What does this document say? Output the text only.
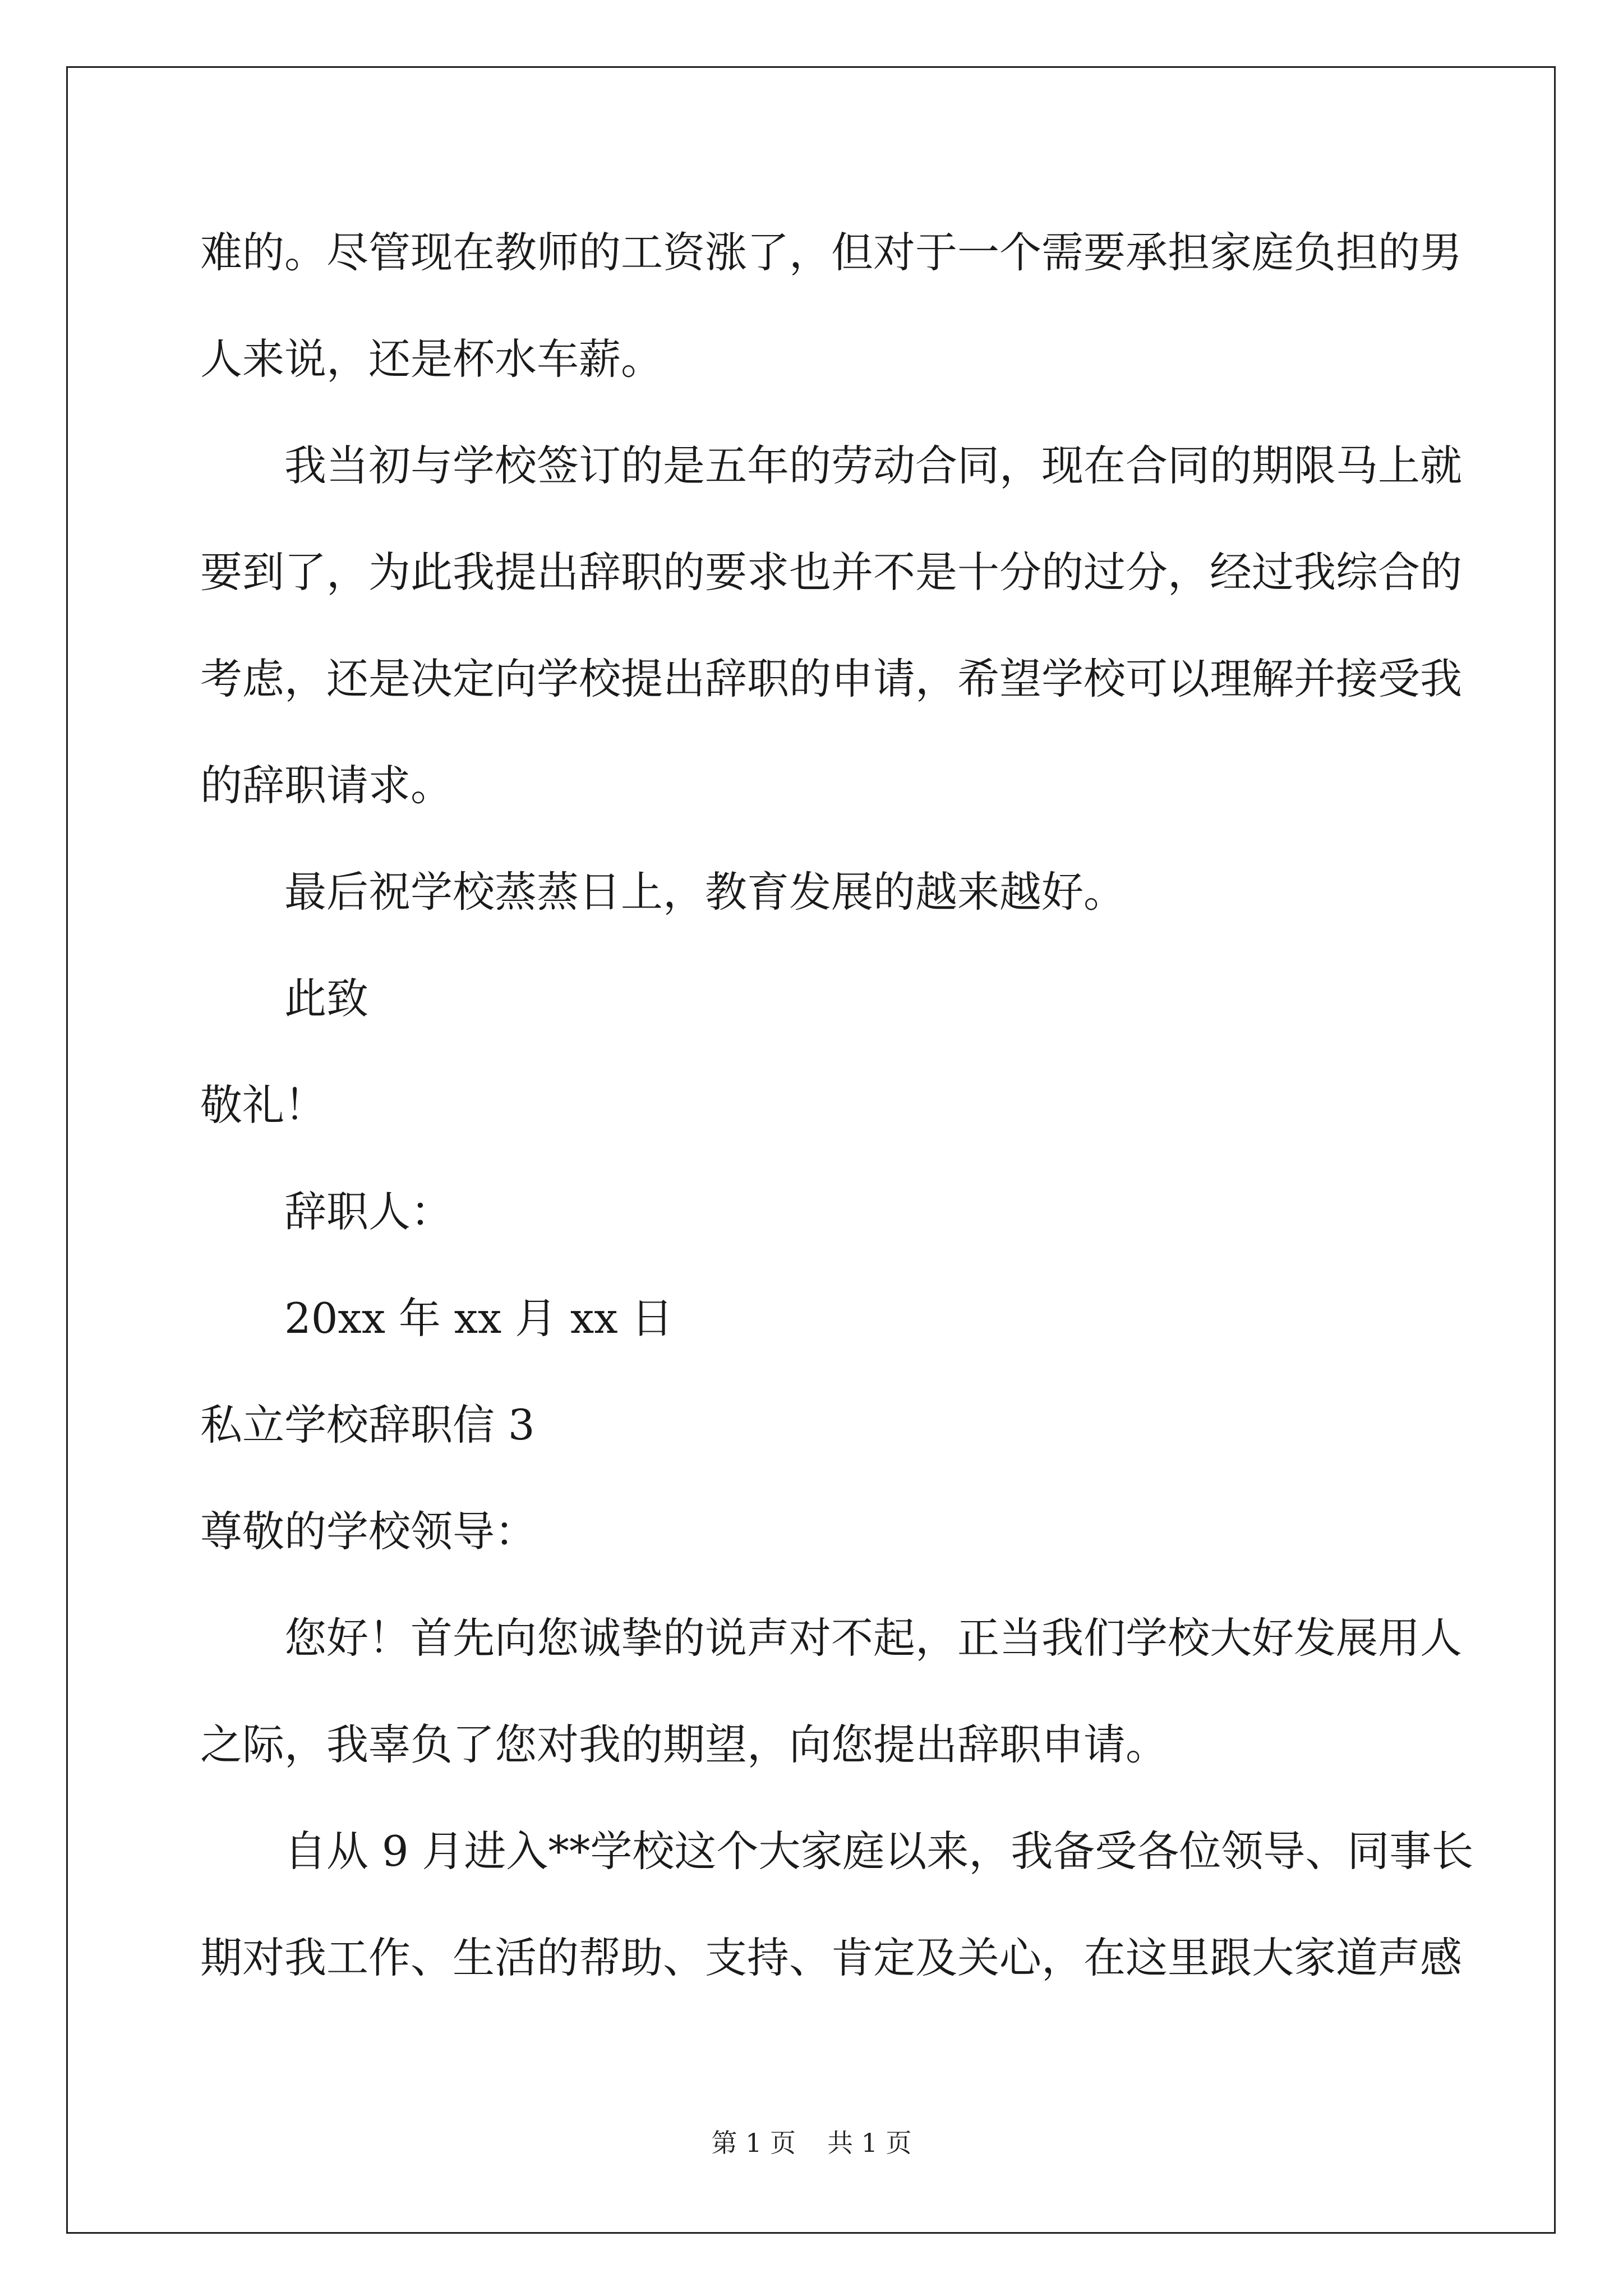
难的。尽管现在教师的工资涨了，但对于一个需要承担家庭负担的男
人来说，还是杯水车薪。
我当初与学校签订的是五年的劳动合同，现在合同的期限马上就
要到了，为此我提出辞职的要求也并不是十分的过分，经过我综合的
考虑，还是决定向学校提出辞职的申请，希望学校可以理解并接受我
的辞职请求。
最后祝学校蒸蒸日上，教育发展的越来越好。
此致
敬礼！
辞职人：
20xx 年 xx 月 xx 日
私立学校辞职信 3
尊敬的学校领导：
您好！首先向您诚挚的说声对不起，正当我们学校大好发展用人
之际，我辜负了您对我的期望，向您提出辞职申请。
自从 9 月进入**学校这个大家庭以来，我备受各位领导、同事长
期对我工作、生活的帮助、支持、肯定及关心，在这里跟大家道声感
第 1 页 共 1 页
